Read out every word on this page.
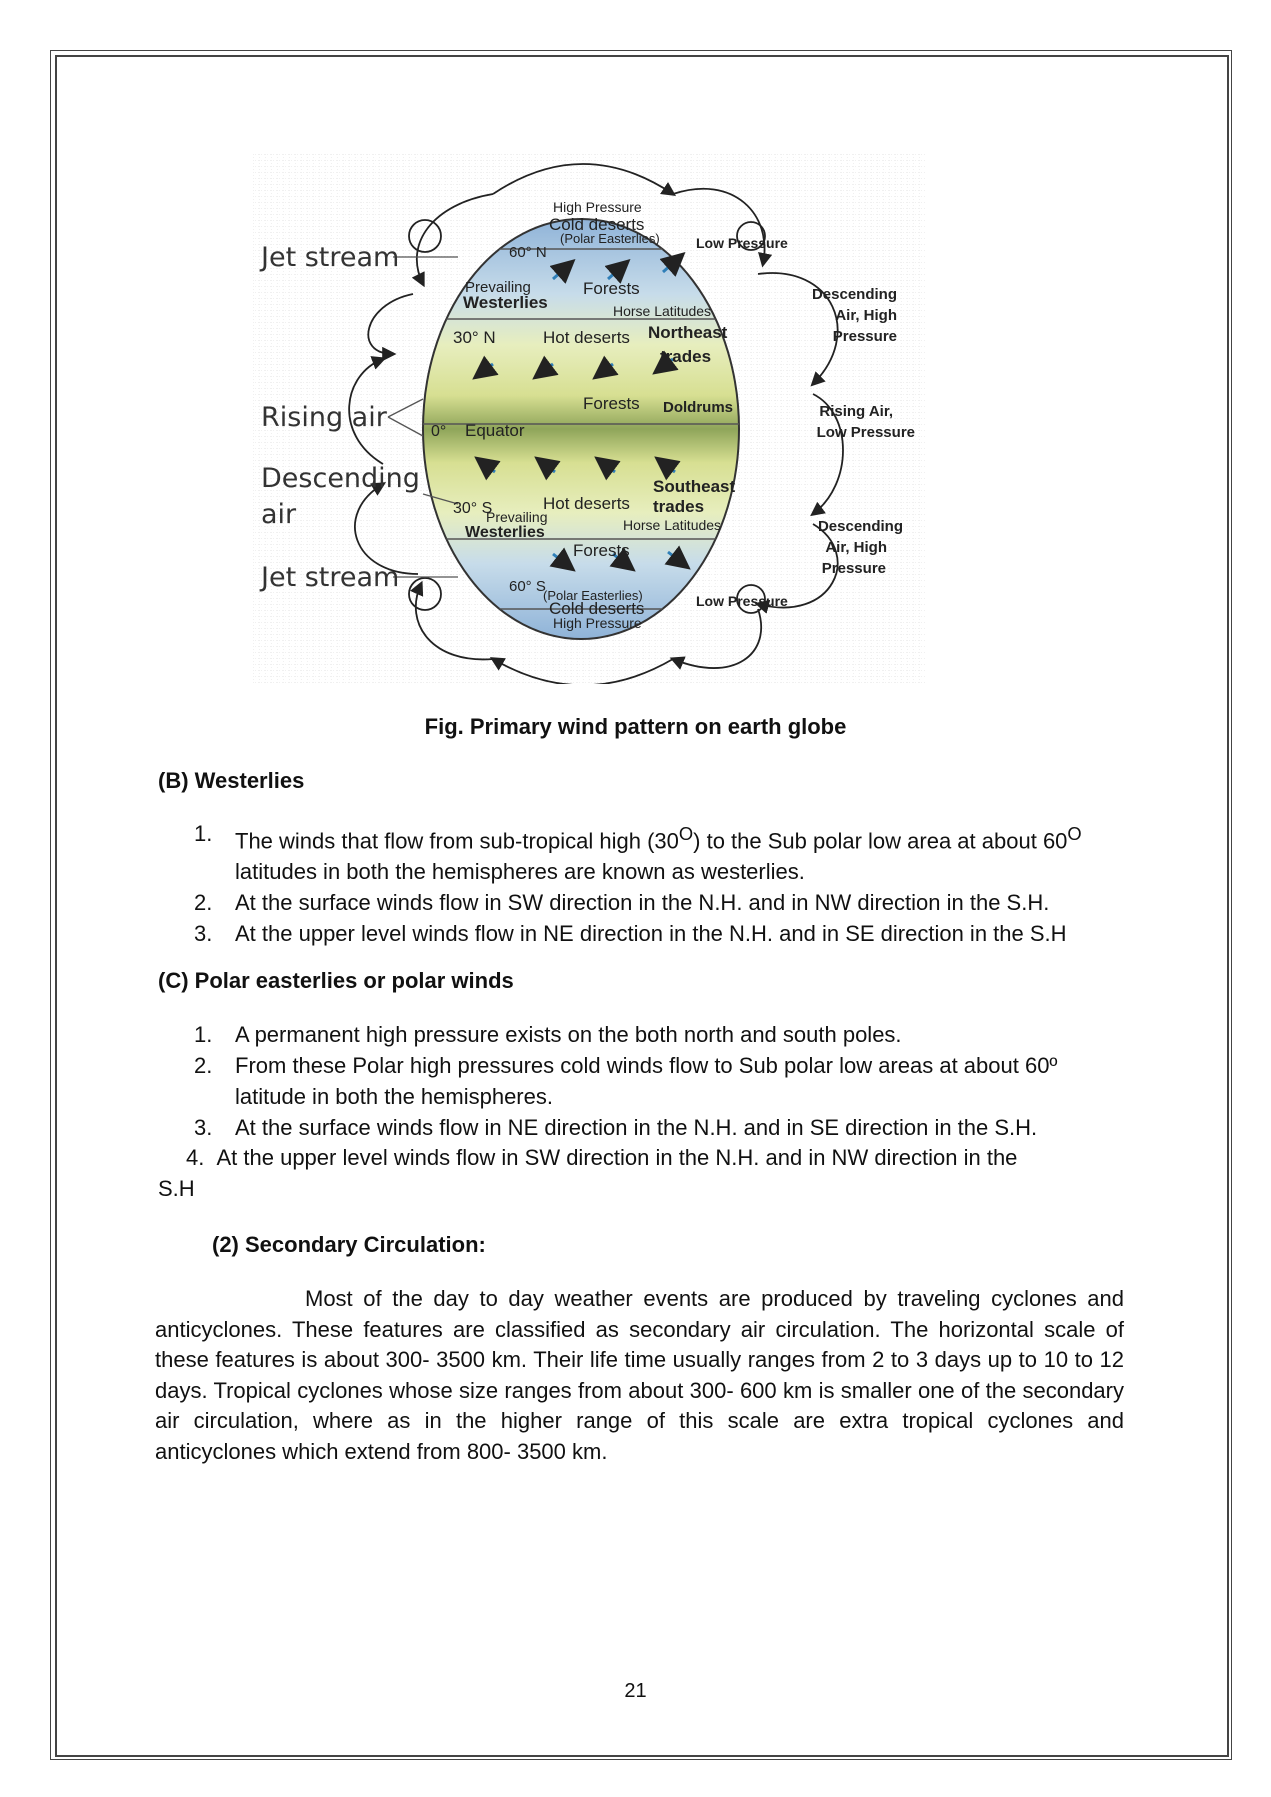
Jet stream
Rising air
Descending
air
Jet stream
High Pressure
Cold deserts
(Polar Easterlies)
60° N
Low Pressure
Prevailing
Westerlies
Forests
Horse Latitudes
30° N	Hot deserts Northeast
trades
Forests Doldrums
0° Equator
Southeast
trades
30° S	Hot deserts
Prevailing
Westerlies	Horse Latitudes
Forests
60° S
(Polar Easterlies)	Low Pressure
Cold deserts
High Pressure
Descending
Air, High
Pressure
Rising Air,
Low Pressure
Descending
Air, High
Pressure
Fig. Primary wind pattern on earth globe
(B) Westerlies
1. The winds that flow from sub-tropical high $(30^O)$ to the Sub polar low area at about $60^O$ latitudes in both the hemispheres are known as westerlies.
2. At the surface winds flow in SW direction in the N.H. and in NW direction in the S.H.
3. At the upper level winds flow in NE direction in the N.H. and in SE direction in the S.H
(C) Polar easterlies or polar winds
1. A permanent high pressure exists on the both north and south poles.
2. From these Polar high pressures cold winds flow to Sub polar low areas at about 60º latitude in both the hemispheres.
3. At the surface winds flow in NE direction in the N.H. and in SE direction in the S.H.
4. At the upper level winds flow in SW direction in the N.H. and in NW direction in the
S.H
(2) Secondary Circulation:
Most of the day to day weather events are produced by traveling cyclones and anticyclones. These features are classified as secondary air circulation. The horizontal scale of these features is about 300- 3500 km. Their life time usually ranges from 2 to 3 days up to 10 to 12 days. Tropical cyclones whose size ranges from about 300- 600 km is smaller one of the secondary air circulation, where as in the higher range of this scale are extra tropical cyclones and anticyclones which extend from 800- 3500 km.
21
